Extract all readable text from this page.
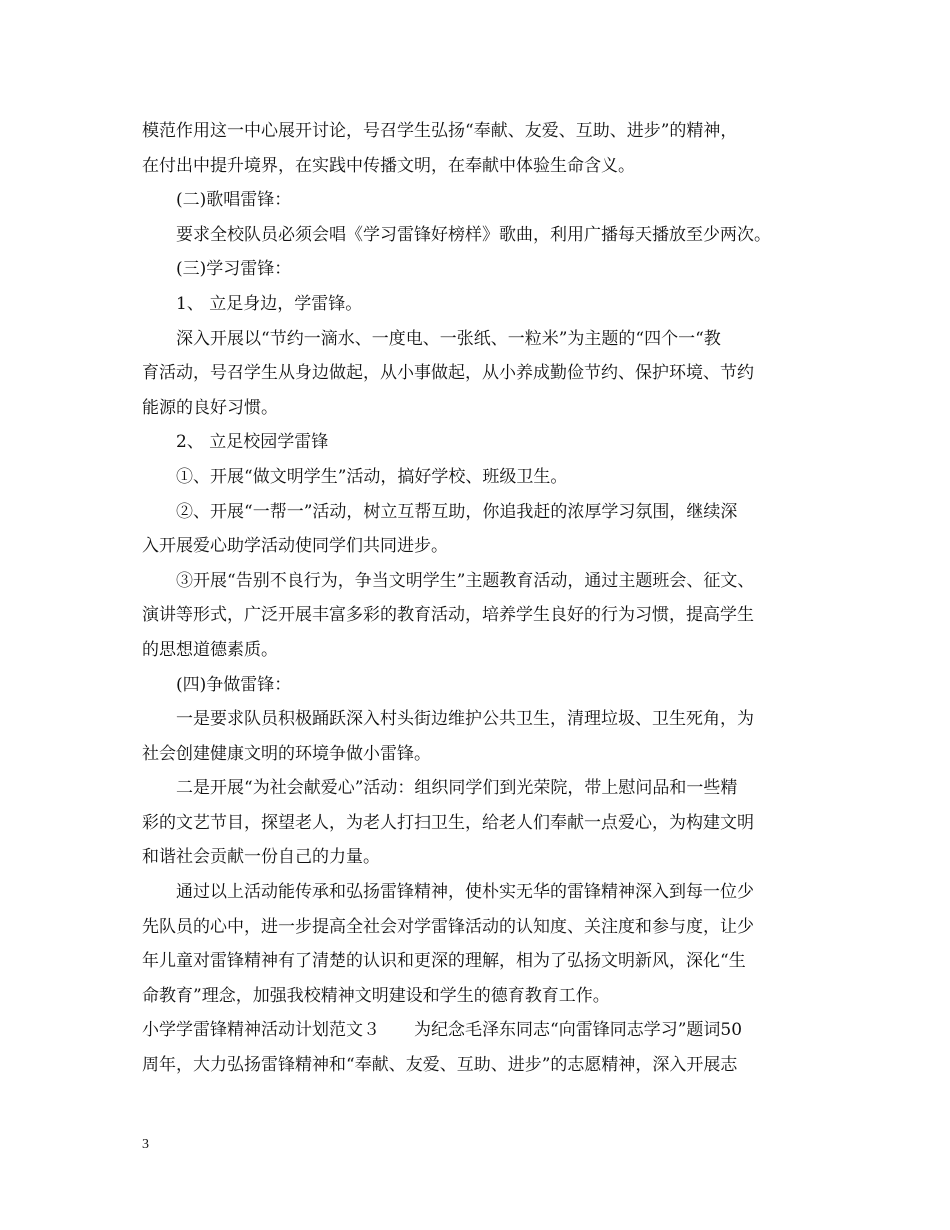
模范作用这一中心展开讨论，号召学生弘扬“奉献、友爱、互助、进步”的精神，
在付出中提升境界，在实践中传播文明，在奉献中体验生命含义。
(二)歌唱雷锋：
要求全校队员必须会唱《学习雷锋好榜样》歌曲，利用广播每天播放至少两次。
(三)学习雷锋：
1、 立足身边，学雷锋。
深入开展以“节约一滴水、一度电、一张纸、一粒米”为主题的“四个一“教
育活动，号召学生从身边做起，从小事做起，从小养成勤俭节约、保护环境、节约
能源的良好习惯。
2、 立足校园学雷锋
①、开展“做文明学生”活动，搞好学校、班级卫生。
②、开展“一帮一”活动，树立互帮互助，你追我赶的浓厚学习氛围，继续深
入开展爱心助学活动使同学们共同进步。
③开展“告别不良行为，争当文明学生”主题教育活动，通过主题班会、征文、
演讲等形式，广泛开展丰富多彩的教育活动，培养学生良好的行为习惯，提高学生
的思想道德素质。
(四)争做雷锋：
一是要求队员积极踊跃深入村头街边维护公共卫生，清理垃圾、卫生死角，为
社会创建健康文明的环境争做小雷锋。
二是开展“为社会献爱心”活动：组织同学们到光荣院，带上慰问品和一些精
彩的文艺节目，探望老人，为老人打扫卫生，给老人们奉献一点爱心，为构建文明
和谐社会贡献一份自己的力量。
通过以上活动能传承和弘扬雷锋精神，使朴实无华的雷锋精神深入到每一位少
先队员的心中，进一步提高全社会对学雷锋活动的认知度、关注度和参与度，让少
年儿童对雷锋精神有了清楚的认识和更深的理解，相为了弘扬文明新风，深化“生
命教育”理念，加强我校精神文明建设和学生的德育教育工作。
小学学雷锋精神活动计划范文３ 为纪念毛泽东同志“向雷锋同志学习”题词50
周年，大力弘扬雷锋精神和“奉献、友爱、互助、进步”的志愿精神，深入开展志
3
